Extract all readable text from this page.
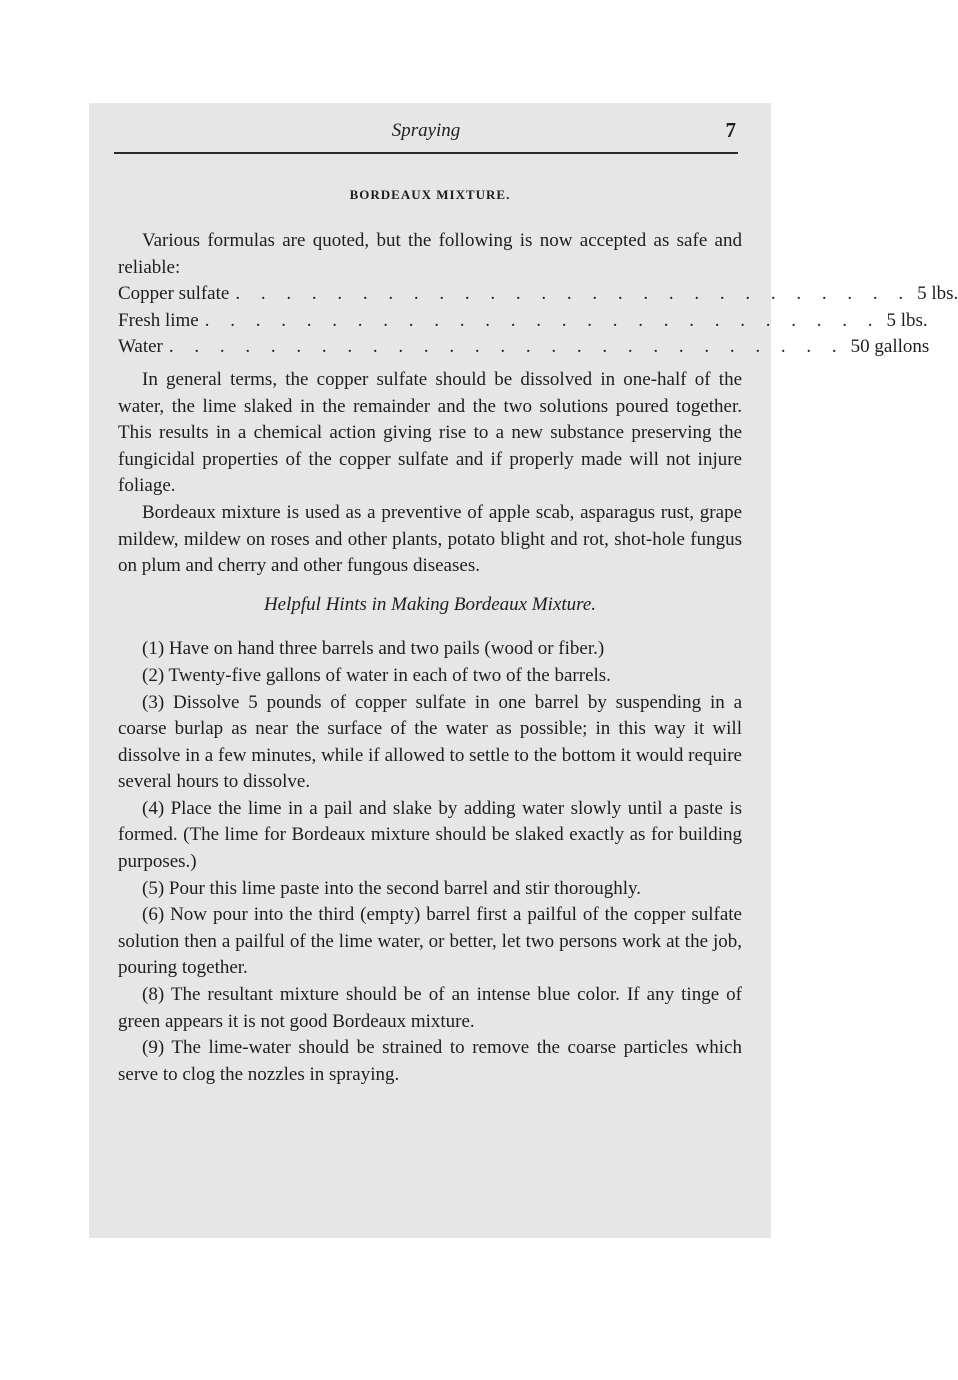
Spraying	7
BORDEAUX MIXTURE.

Various formulas are quoted, but the following is now accepted as safe and reliable:

Copper sulfate . . . . . . . . . . . . . . . . . . . . . . . . . . . 5 lbs.
Fresh lime . . . . . . . . . . . . . . . . . . . . . . . . . . . 5 lbs.
Water . . . . . . . . . . . . . . . . . . . . . . . . . . . 50 gallons

In general terms, the copper sulfate should be dissolved in one-half of the water, the lime slaked in the remainder and the two solutions poured together. This results in a chemical action giving rise to a new substance preserving the fungicidal properties of the copper sulfate and if properly made will not injure foliage.

Bordeaux mixture is used as a preventive of apple scab, asparagus rust, grape mildew, mildew on roses and other plants, potato blight and rot, shot-hole fungus on plum and cherry and other fungous diseases.

Helpful Hints in Making Bordeaux Mixture.

(1) Have on hand three barrels and two pails (wood or fiber.)

(2) Twenty-five gallons of water in each of two of the barrels.

(3) Dissolve 5 pounds of copper sulfate in one barrel by suspending in a coarse burlap as near the surface of the water as possible; in this way it will dissolve in a few minutes, while if allowed to settle to the bottom it would require several hours to dissolve.

(4) Place the lime in a pail and slake by adding water slowly until a paste is formed. (The lime for Bordeaux mixture should be slaked exactly as for building purposes.)

(5) Pour this lime paste into the second barrel and stir thoroughly.

(6) Now pour into the third (empty) barrel first a pailful of the copper sulfate solution then a pailful of the lime water, or better, let two persons work at the job, pouring together.

(8) The resultant mixture should be of an intense blue color. If any tinge of green appears it is not good Bordeaux mixture.

(9) The lime-water should be strained to remove the coarse particles which serve to clog the nozzles in spraying.
